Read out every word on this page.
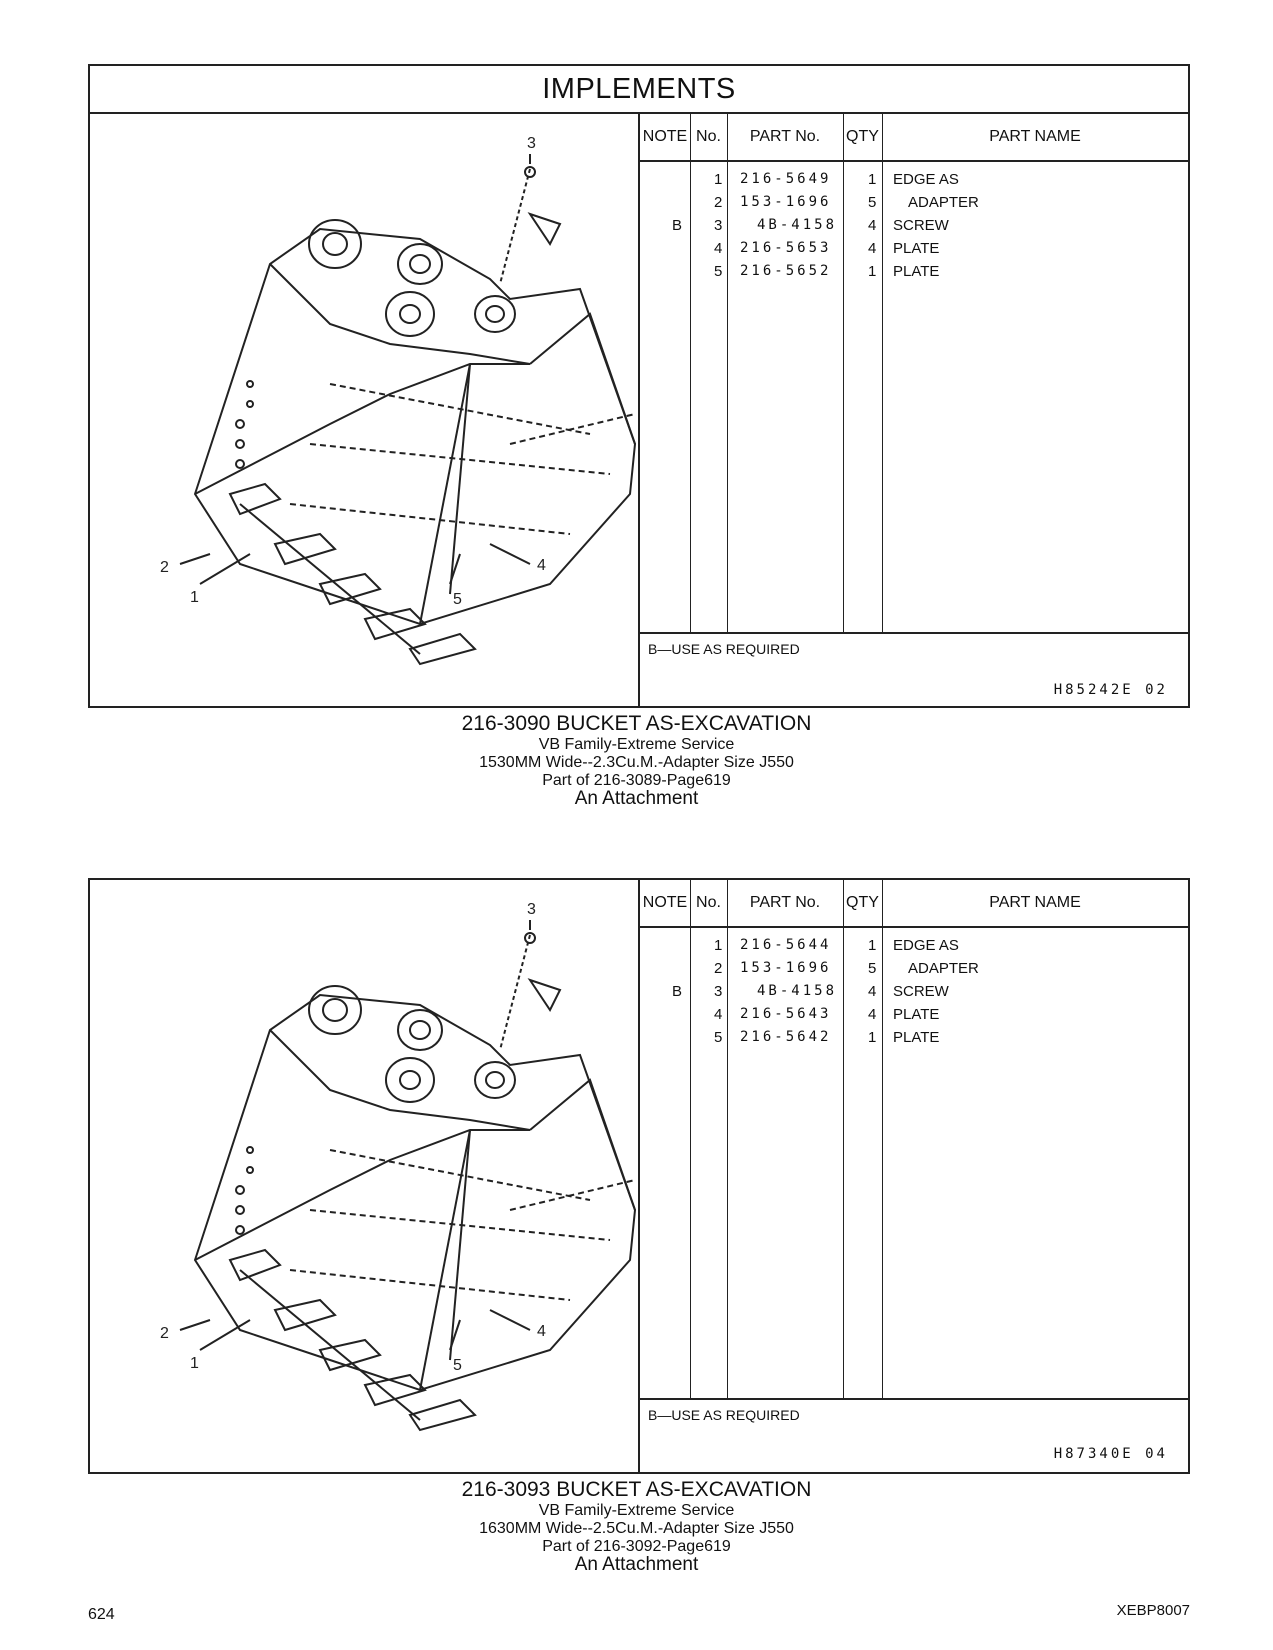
IMPLEMENTS
3
2
1	5
4
NOTE No.	PART No.	QTY	PART NAME
1 216-5649 1 EDGE AS
2 153-1696 5 ADAPTER
B 3 4B-4158 4 SCREW
4 216-5653 4 PLATE
5 216-5652 1 PLATE
B—USE AS REQUIRED
H85242E 02
216-3090 BUCKET AS-EXCAVATION
VB Family-Extreme Service
1530MM Wide--2.3Cu.M.-Adapter Size J550
Part of 216-3089-Page619
An Attachment
3
2
1	5
4
NOTE No.	PART No.	QTY	PART NAME
1 216-5644 1 EDGE AS
2 153-1696 5 ADAPTER
B 3 4B-4158 4 SCREW
4 216-5643 4 PLATE
5 216-5642 1 PLATE
B—USE AS REQUIRED
H87340E 04
216-3093 BUCKET AS-EXCAVATION
VB Family-Extreme Service
1630MM Wide--2.5Cu.M.-Adapter Size J550
Part of 216-3092-Page619
An Attachment
624	XEBP8007
